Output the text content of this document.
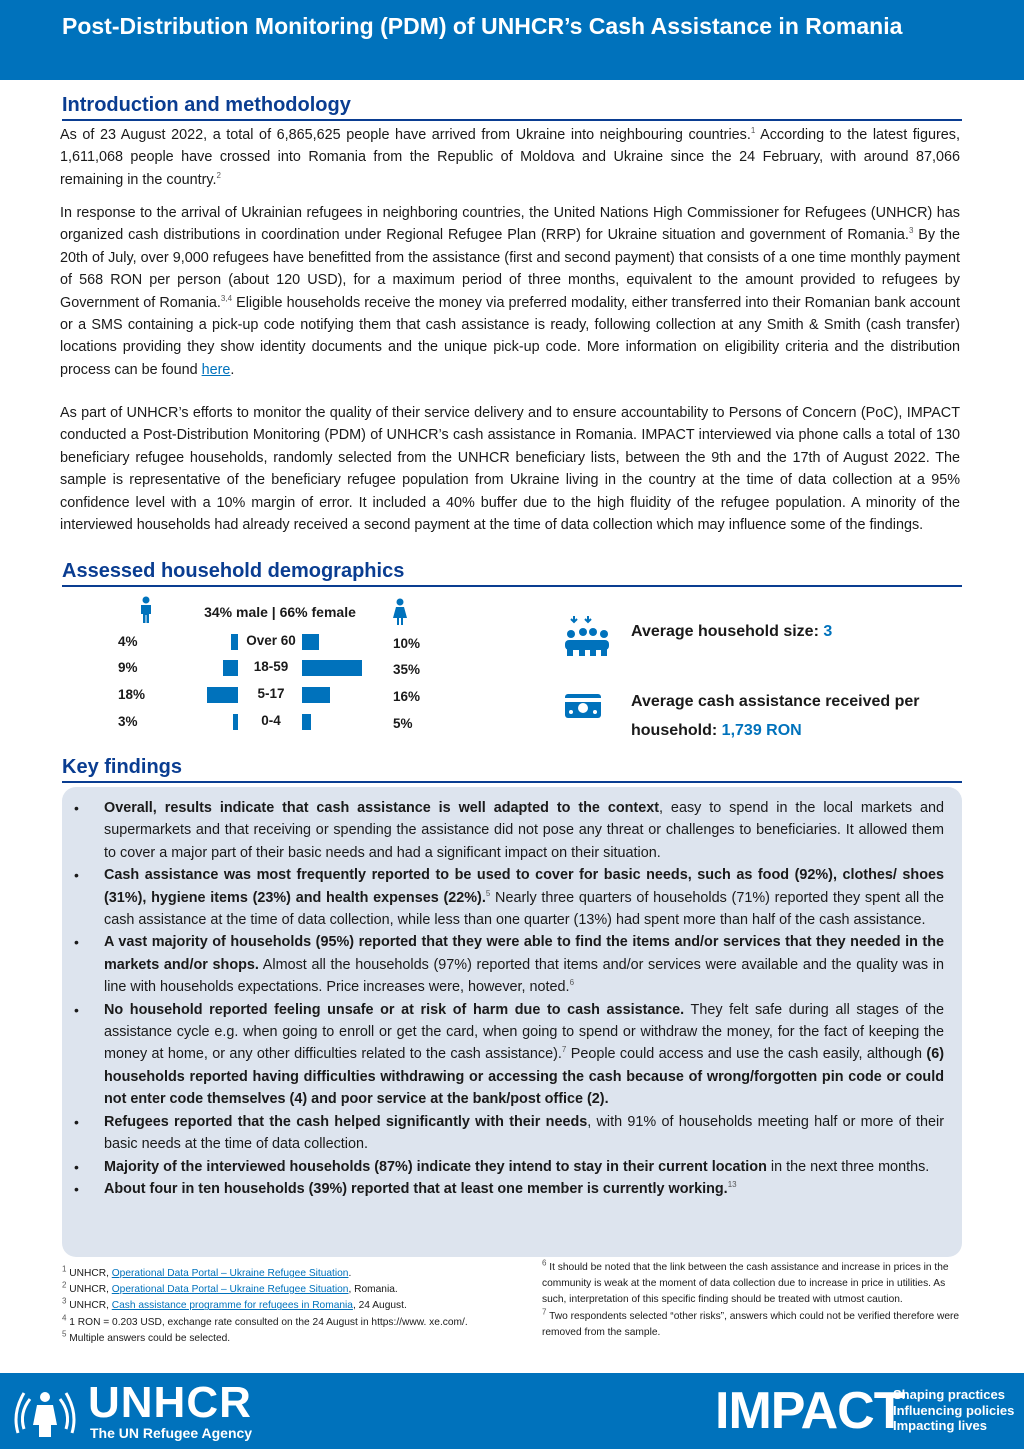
Post-Distribution Monitoring (PDM) of UNHCR’s Cash Assistance in Romania
Introduction and methodology

As of 23 August 2022, a total of 6,865,625 people have arrived from Ukraine into neighbouring countries.$^1$ According to the latest figures, 1,611,068 people have crossed into Romania from the Republic of Moldova and Ukraine since the 24 February, with around 87,066 remaining in the country.$^2$

In response to the arrival of Ukrainian refugees in neighboring countries, the United Nations High Commissioner for Refugees (UNHCR) has organized cash distributions in coordination under Regional Refugee Plan (RRP) for Ukraine situation and government of Romania.$^3$ By the 20th of July, over 9,000 refugees have benefitted from the assistance (first and second payment) that consists of a one time monthly payment of 568 RON per person (about 120 USD), for a maximum period of three months, equivalent to the amount provided to refugees by Government of Romania.$^{3,4}$ Eligible households receive the money via preferred modality, either transferred into their Romanian bank account or a SMS containing a pick-up code notifying them that cash assistance is ready, following collection at any Smith & Smith (cash transfer) locations providing they show identity documents and the unique pick-up code. More information on eligibility criteria and the distribution process can be found here.

As part of UNHCR’s efforts to monitor the quality of their service delivery and to ensure accountability to Persons of Concern (PoC), IMPACT conducted a Post-Distribution Monitoring (PDM) of UNHCR’s cash assistance in Romania. IMPACT interviewed via phone calls a total of 130 beneficiary refugee households, randomly selected from the UNHCR beneficiary lists, between the 9th and the 17th of August 2022. The sample is representative of the beneficiary refugee population from Ukraine living in the country at the time of data collection at a 95% confidence level with a 10% margin of error. It included a 40% buffer due to the high fluidity of the refugee population. A minority of the interviewed households had already received a second payment at the time of data collection which may influence some of the findings.

Assessed household demographics
34% male | 66% female
4%	Over 60	10%
9%	18-59	35%
18%	5-17	16%
3%	0-4	5%
Average household size: 3
Average cash assistance received per
household: 1,739 RON
Key findings
• Overall, results indicate that cash assistance is well adapted to the context, easy to spend in the local markets and supermarkets and that receiving or spending the assistance did not pose any threat or challenges to beneficiaries. It allowed them to cover a major part of their basic needs and had a significant impact on their situation.
• Cash assistance was most frequently reported to be used to cover for basic needs, such as food (92%), clothes/ shoes (31%), hygiene items (23%) and health expenses (22%).$^5$ Nearly three quarters of households (71%) reported they spent all the cash assistance at the time of data collection, while less than one quarter (13%) had spent more than half of the cash assistance.
• A vast majority of households (95%) reported that they were able to find the items and/or services that they needed in the markets and/or shops. Almost all the households (97%) reported that items and/or services were available and the quality was in line with households expectations. Price increases were, however, noted.$^6$
• No household reported feeling unsafe or at risk of harm due to cash assistance. They felt safe during all stages of the assistance cycle e.g. when going to enroll or get the card, when going to spend or withdraw the money, for the fact of keeping the money at home, or any other difficulties related to the cash assistance).$^7$ People could access and use the cash easily, although (6) households reported having difficulties withdrawing or accessing the cash because of wrong/forgotten pin code or could not enter code themselves (4) and poor service at the bank/post office (2).
• Refugees reported that the cash helped significantly with their needs, with 91% of households meeting half or more of their basic needs at the time of data collection.
• Majority of the interviewed households (87%) indicate they intend to stay in their current location in the next three months.
• About four in ten households (39%) reported that at least one member is currently working.$^{13}$
$^1$ UNHCR, Operational Data Portal – Ukraine Refugee Situation.
$^2$ UNHCR, Operational Data Portal – Ukraine Refugee Situation, Romania.
$^3$ UNHCR, Cash assistance programme for refugees in Romania, 24 August.
$^4$ 1 RON = 0.203 USD, exchange rate consulted on the 24 August in https://www. xe.com/.
$^5$ Multiple answers could be selected.
$^6$ It should be noted that the link between the cash assistance and increase in prices in the community is weak at the moment of data collection due to increase in price in utilities. As such, interpretation of this specific finding should be treated with utmost caution.
$^7$ Two respondents selected “other risks”, answers which could not be verified therefore were removed from the sample.
UNHCR
The UN Refugee Agency	IMPACT
Shaping practices
Influencing policies
Impacting lives
